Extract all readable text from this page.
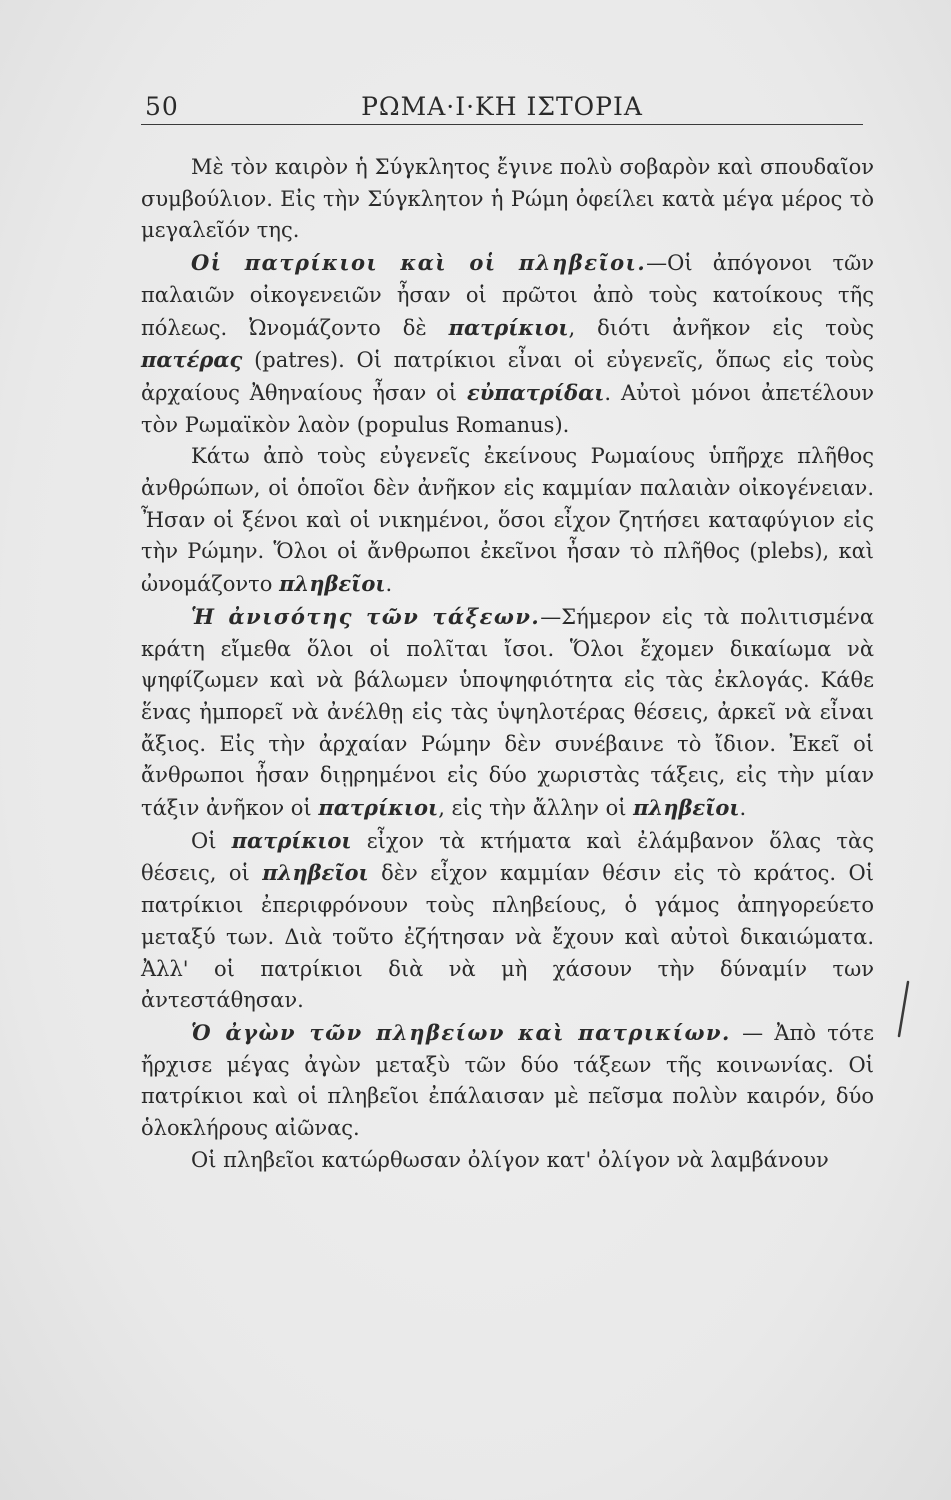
50	ΡΩΜΑ·Ι·ΚΗ ΙΣΤΟΡΙΑ

Μὲ τὸν καιρὸν ἡ Σύγκλητος ἔγινε πολὺ σοβαρὸν καὶ σπουδαῖον συμβούλιον. Εἰς τὴν Σύγκλητον ἡ Ρώμη ὀφείλει κατὰ μέγα μέρος τὸ μεγαλεῖόν της.

Οἱ πατρίκιοι καὶ οἱ πληβεῖοι.—Οἱ ἀπόγονοι τῶν παλαιῶν οἰκογενειῶν ἦσαν οἱ πρῶτοι ἀπὸ τοὺς κατοίκους τῆς πόλεως. Ὠνομάζοντο δὲ πατρίκιοι, διότι ἀνῆκον εἰς τοὺς πατέρας (patres). Οἱ πατρίκιοι εἶναι οἱ εὐγενεῖς, ὅπως εἰς τοὺς ἀρχαίους Ἀθηναίους ἦσαν οἱ εὐπατρίδαι. Αὐτοὶ μόνοι ἀπετέλουν τὸν Ρωμαϊκὸν λαὸν (populus Romanus).

Κάτω ἀπὸ τοὺς εὐγενεῖς ἐκείνους Ρωμαίους ὑπῆρχε πλῆθος ἀνθρώπων, οἱ ὁποῖοι δὲν ἀνῆκον εἰς καμμίαν παλαιὰν οἰκογένειαν. Ἦσαν οἱ ξένοι καὶ οἱ νικημένοι, ὅσοι εἶχον ζητήσει καταφύγιον εἰς τὴν Ρώμην. Ὅλοι οἱ ἄνθρωποι ἐκεῖνοι ἦσαν τὸ πλῆθος (plebs), καὶ ὠνομάζοντο πληβεῖοι.

Ἡ ἀνισότης τῶν τάξεων.—Σήμερον εἰς τὰ πολιτισμένα κράτη εἴμεθα ὅλοι οἱ πολῖται ἴσοι. Ὅλοι ἔχομεν δικαίωμα νὰ ψηφίζωμεν καὶ νὰ βάλωμεν ὑποψηφιότητα εἰς τὰς ἐκλογάς. Κάθε ἕνας ἠμπορεῖ νὰ ἀνέλθῃ εἰς τὰς ὑψηλοτέρας θέσεις, ἀρκεῖ νὰ εἶναι ἄξιος. Εἰς τὴν ἀρχαίαν Ρώμην δὲν συνέβαινε τὸ ἴδιον. Ἐκεῖ οἱ ἄνθρωποι ἦσαν διῃρημένοι εἰς δύο χωριστὰς τάξεις, εἰς τὴν μίαν τάξιν ἀνῆκον οἱ πατρίκιοι, εἰς τὴν ἄλλην οἱ πληβεῖοι.

Οἱ πατρίκιοι εἶχον τὰ κτήματα καὶ ἐλάμβανον ὅλας τὰς θέσεις, οἱ πληβεῖοι δὲν εἶχον καμμίαν θέσιν εἰς τὸ κράτος. Οἱ πατρίκιοι ἐπεριφρόνουν τοὺς πληβείους, ὁ γάμος ἀπηγορεύετο μεταξύ των. Διὰ τοῦτο ἐζήτησαν νὰ ἔχουν καὶ αὐτοὶ δικαιώματα. Ἀλλ' οἱ πατρίκιοι διὰ νὰ μὴ χάσουν τὴν δύναμίν των ἀντεστάθησαν.

Ὁ ἀγὼν τῶν πληβείων καὶ πατρικίων. — Ἀπὸ τότε ἤρχισε μέγας ἀγὼν μεταξὺ τῶν δύο τάξεων τῆς κοινωνίας. Οἱ πατρίκιοι καὶ οἱ πληβεῖοι ἐπάλαισαν μὲ πεῖσμα πολὺν καιρόν, δύο ὁλοκλήρους αἰῶνας.

Οἱ πληβεῖοι κατώρθωσαν ὀλίγον κατ' ὀλίγον νὰ λαμβάνουν
